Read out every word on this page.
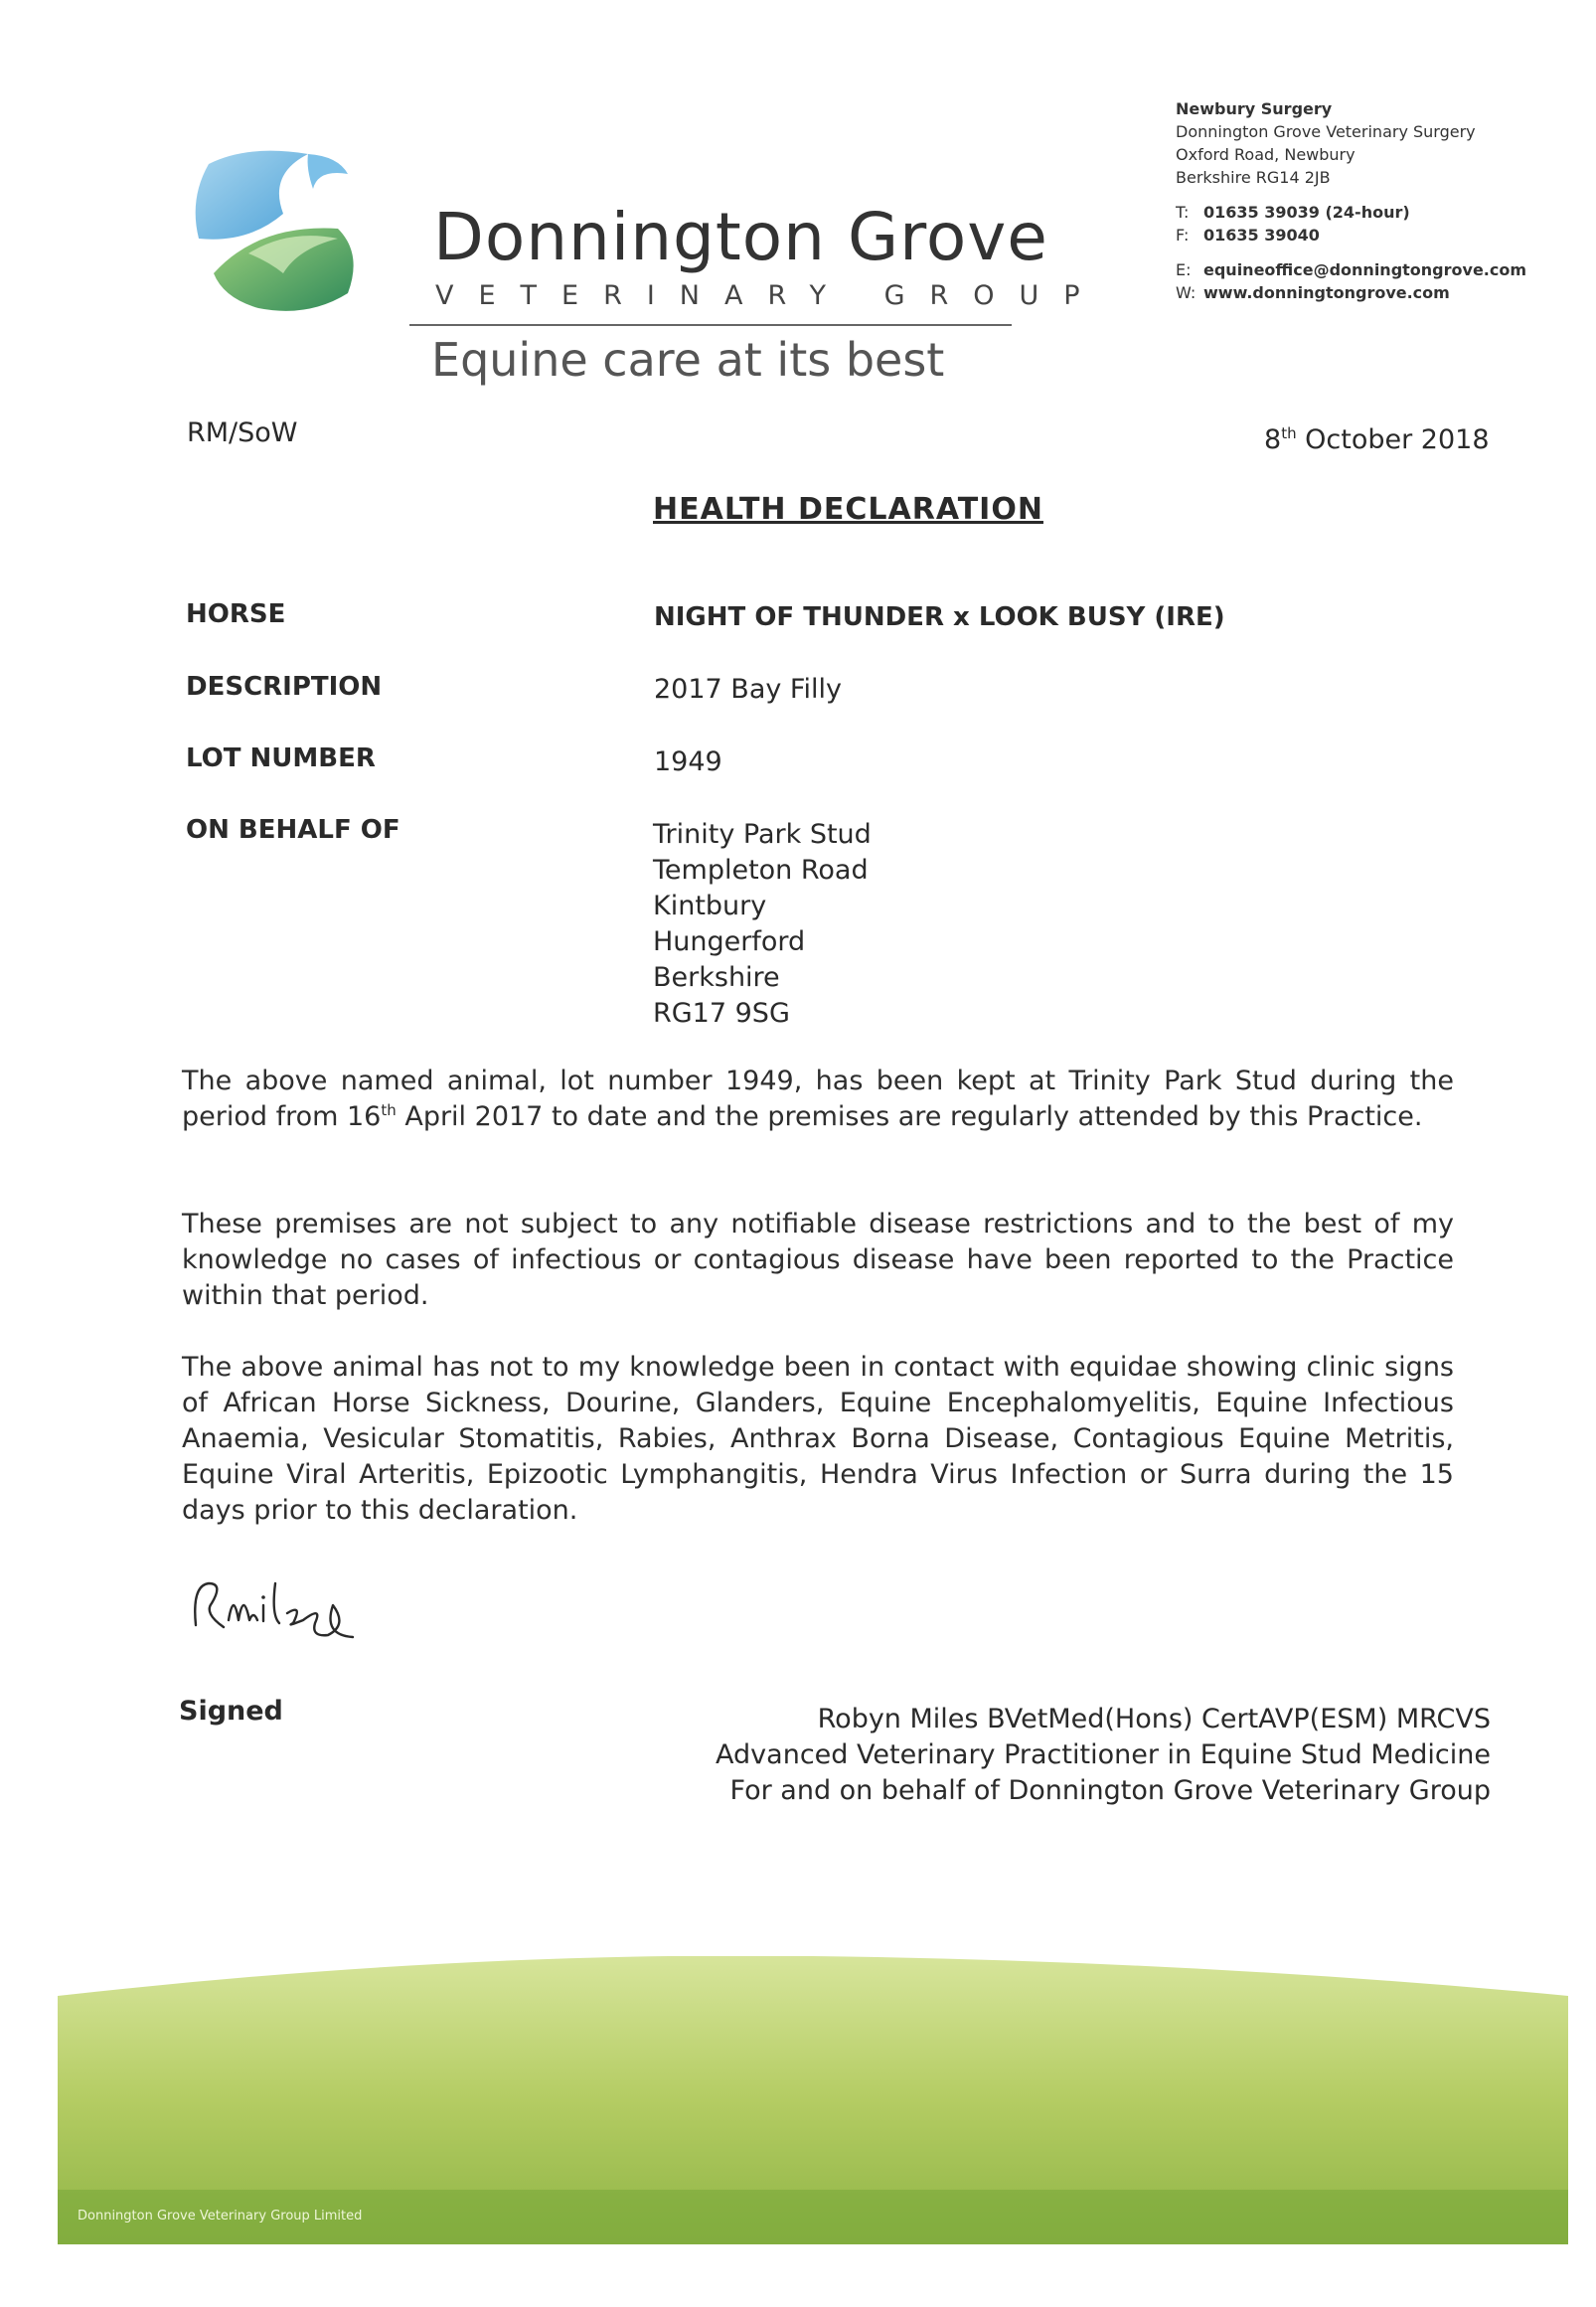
Donnington Grove
VETERINARY GROUP
Equine care at its best
Newbury Surgery
Donnington Grove Veterinary Surgery
Oxford Road, Newbury
Berkshire RG14 2JB
T: 01635 39039 (24-hour)
F: 01635 39040
E: equineoffice@donningtongrove.com
W: www.donningtongrove.com
RM/SoW	8th October 2018
HEALTH DECLARATION
HORSE	NIGHT OF THUNDER x LOOK BUSY (IRE)
DESCRIPTION	2017 Bay Filly
LOT NUMBER	1949
ON BEHALF OF	Trinity Park Stud
Templeton Road
Kintbury
Hungerford
Berkshire
RG17 9SG
The above named animal, lot number 1949, has been kept at Trinity Park Stud during the period from 16th April 2017 to date and the premises are regularly attended by this Practice.
These premises are not subject to any notifiable disease restrictions and to the best of my knowledge no cases of infectious or contagious disease have been reported to the Practice within that period.
The above animal has not to my knowledge been in contact with equidae showing clinic signs of African Horse Sickness, Dourine, Glanders, Equine Encephalomyelitis, Equine Infectious Anaemia, Vesicular Stomatitis, Rabies, Anthrax Borna Disease, Contagious Equine Metritis, Equine Viral Arteritis, Epizootic Lymphangitis, Hendra Virus Infection or Surra during the 15 days prior to this declaration.
Signed	Robyn Miles BVetMed(Hons) CertAVP(ESM) MRCVS
Advanced Veterinary Practitioner in Equine Stud Medicine
For and on behalf of Donnington Grove Veterinary Group
Donnington Grove Veterinary Group Limited
